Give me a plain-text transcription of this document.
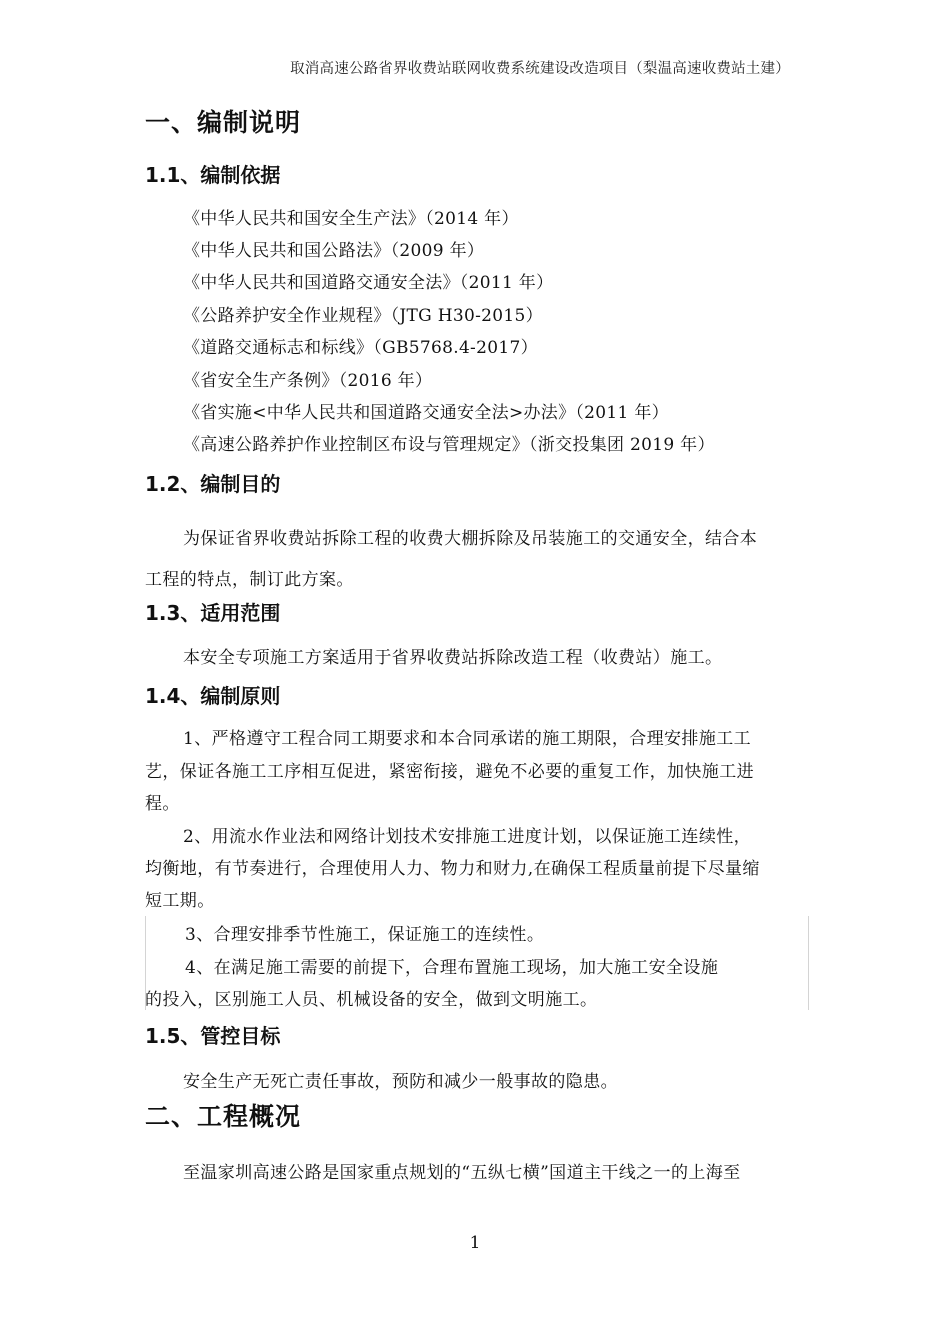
取消高速公路省界收费站联网收费系统建设改造项目（梨温高速收费站土建）
一、编制说明
1.1、编制依据
《中华人民共和国安全生产法》（2014 年）
《中华人民共和国公路法》（2009 年）
《中华人民共和国道路交通安全法》（2011 年）
《公路养护安全作业规程》（JTG H30-2015）
《道路交通标志和标线》（GB5768.4-2017）
《省安全生产条例》（2016 年）
《省实施<中华人民共和国道路交通安全法>办法》（2011 年）
《高速公路养护作业控制区布设与管理规定》（浙交投集团 2019 年）
1.2、编制目的
为保证省界收费站拆除工程的收费大棚拆除及吊装施工的交通安全，结合本
工程的特点，制订此方案。
1.3、适用范围
本安全专项施工方案适用于省界收费站拆除改造工程（收费站）施工。
1.4、编制原则
1、严格遵守工程合同工期要求和本合同承诺的施工期限，合理安排施工工
艺，保证各施工工序相互促进，紧密衔接，避免不必要的重复工作，加快施工进
程。
2、用流水作业法和网络计划技术安排施工进度计划，以保证施工连续性，
均衡地，有节奏进行，合理使用人力、物力和财力,在确保工程质量前提下尽量缩
短工期。
3、合理安排季节性施工，保证施工的连续性。
4、在满足施工需要的前提下，合理布置施工现场，加大施工安全设施
的投入，区别施工人员、机械设备的安全，做到文明施工。
1.5、管控目标
安全生产无死亡责任事故，预防和减少一般事故的隐患。
二、工程概况
至温家圳高速公路是国家重点规划的“五纵七横”国道主干线之一的上海至
1
